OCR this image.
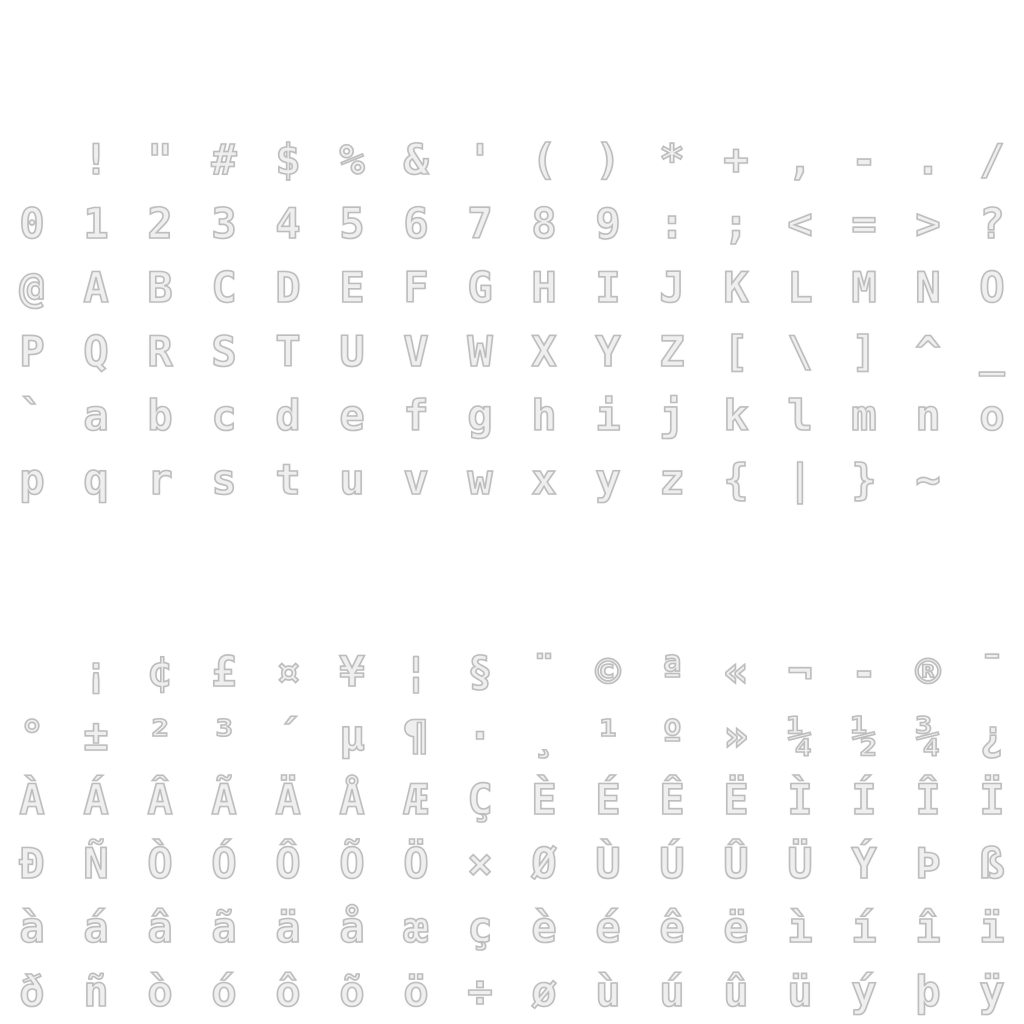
! " # $ % & ' ( ) * + , - . /
0 1 2 3 4 5 6 7 8 9 : ; < = > ?
@ A B C D E F G H I J K L M N O
P Q R S T U V W X Y Z [ \ ] ^ _
` a b c d e f g h i j k l m n o
p q r s t u v w x y z { | } ~

¡ ¢ £ ¤ ¥ ¦ § ¨ © ª « ¬ - ® ¯
° ± ² ³ ´ µ ¶ · ¸ ¹ º » ¼ ½ ¾ ¿
À Á Â Ã Ä Å Æ Ç È É Ê Ë Ì Í Î Ï
Ð Ñ Ò Ó Ô Õ Ö × Ø Ù Ú Û Ü Ý Þ ß
à á â ã ä å æ ç è é ê ë ì í î ï
ð ñ ò ó ô õ ö ÷ ø ù ú û ü ý þ ÿ
